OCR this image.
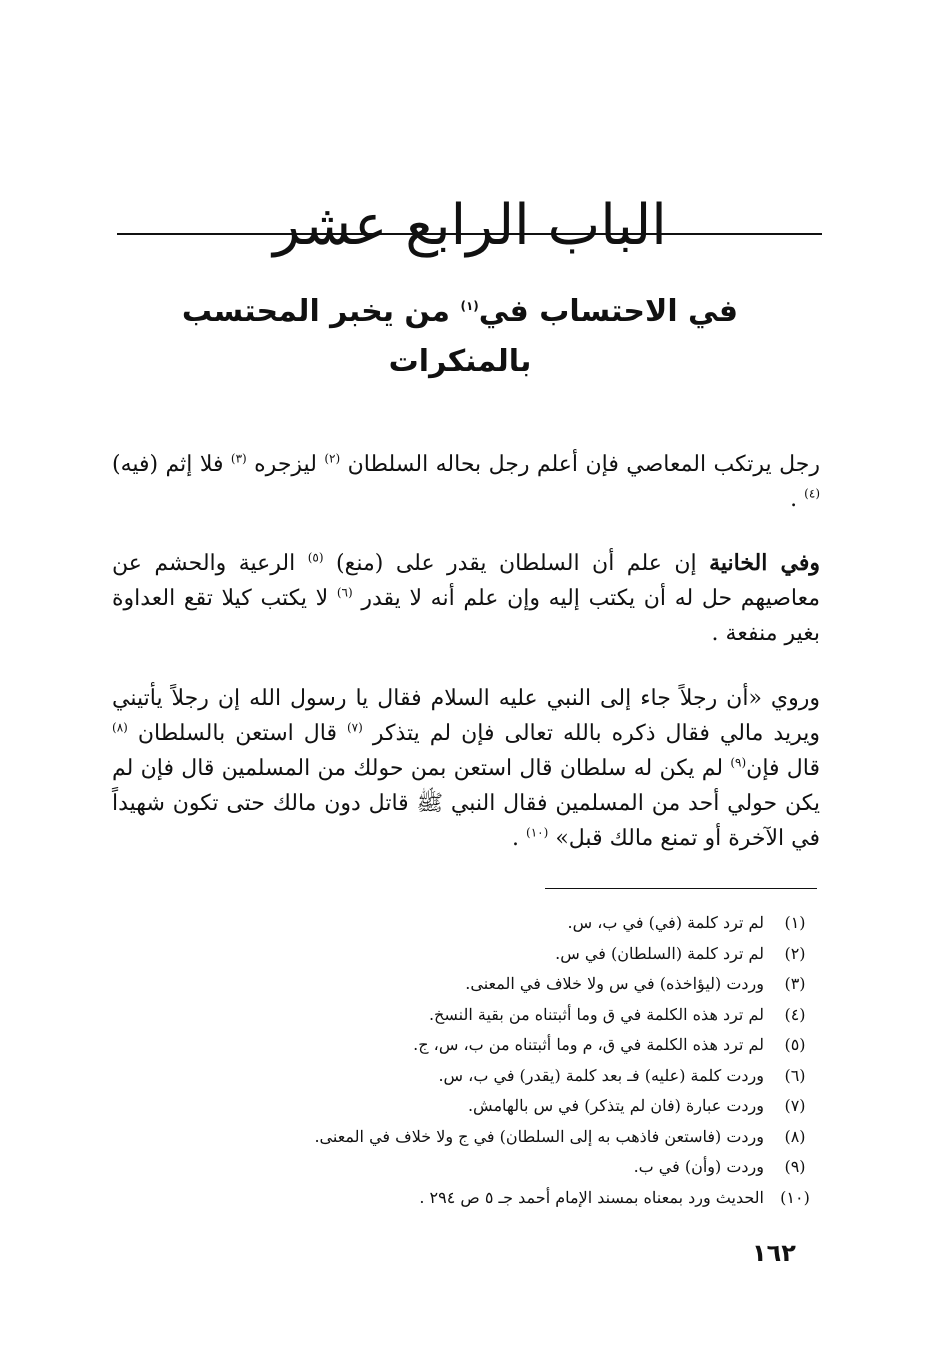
الباب الرابع عشر
في الاحتساب في$^{(١)}$ من يخبر المحتسب بالمنكرات

رجل يرتكب المعاصي فإن أعلم رجل بحاله السلطان $^{(٢)}$ ليزجره $^{(٣)}$ فلا إثم (فيه) $^{(٤)}$ .

وفي الخانية إن علم أن السلطان يقدر على (منع) $^{(٥)}$ الرعية والحشم عن معاصيهم حل له أن يكتب إليه وإن علم أنه لا يقدر $^{(٦)}$ لا يكتب كيلا تقع العداوة بغير منفعة .

وروي «أن رجلاً جاء إلى النبي عليه السلام فقال يا رسول الله إن رجلاً يأتيني ويريد مالي فقال ذكره بالله تعالى فإن لم يتذكر $^{(٧)}$ قال استعن بالسلطان $^{(٨)}$ قال فإن$^{(٩)}$ لم يكن له سلطان قال استعن بمن حولك من المسلمين قال فإن لم يكن حولي أحد من المسلمين فقال النبي ﷺ قاتل دون مالك حتى تكون شهيداً في الآخرة أو تمنع مالك قبل» $^{(١٠)}$ .

(١)
لم ترد كلمة (في) في ب، س.
(٢)
لم ترد كلمة (السلطان) في س.
(٣)
وردت (ليؤاخذه) في س ولا خلاف في المعنى.
(٤)
لم ترد هذه الكلمة في ق وما أثبتناه من بقية النسخ.
(٥)
لم ترد هذه الكلمة في ق، م وما أثبتناه من ب، س، ج.
(٦)
وردت كلمة (عليه) فـ بعد كلمة (يقدر) في ب، س.
(٧)
وردت عبارة (فان لم يتذكر) في س بالهامش.
(٨)
وردت (فاستعن فاذهب به إلى السلطان) في ج ولا خلاف في المعنى.
(٩)
وردت (وأن) في ب.
(١٠)
الحديث ورد بمعناه بمسند الإمام أحمد جـ ٥ ص ٢٩٤ .
١٦٢
